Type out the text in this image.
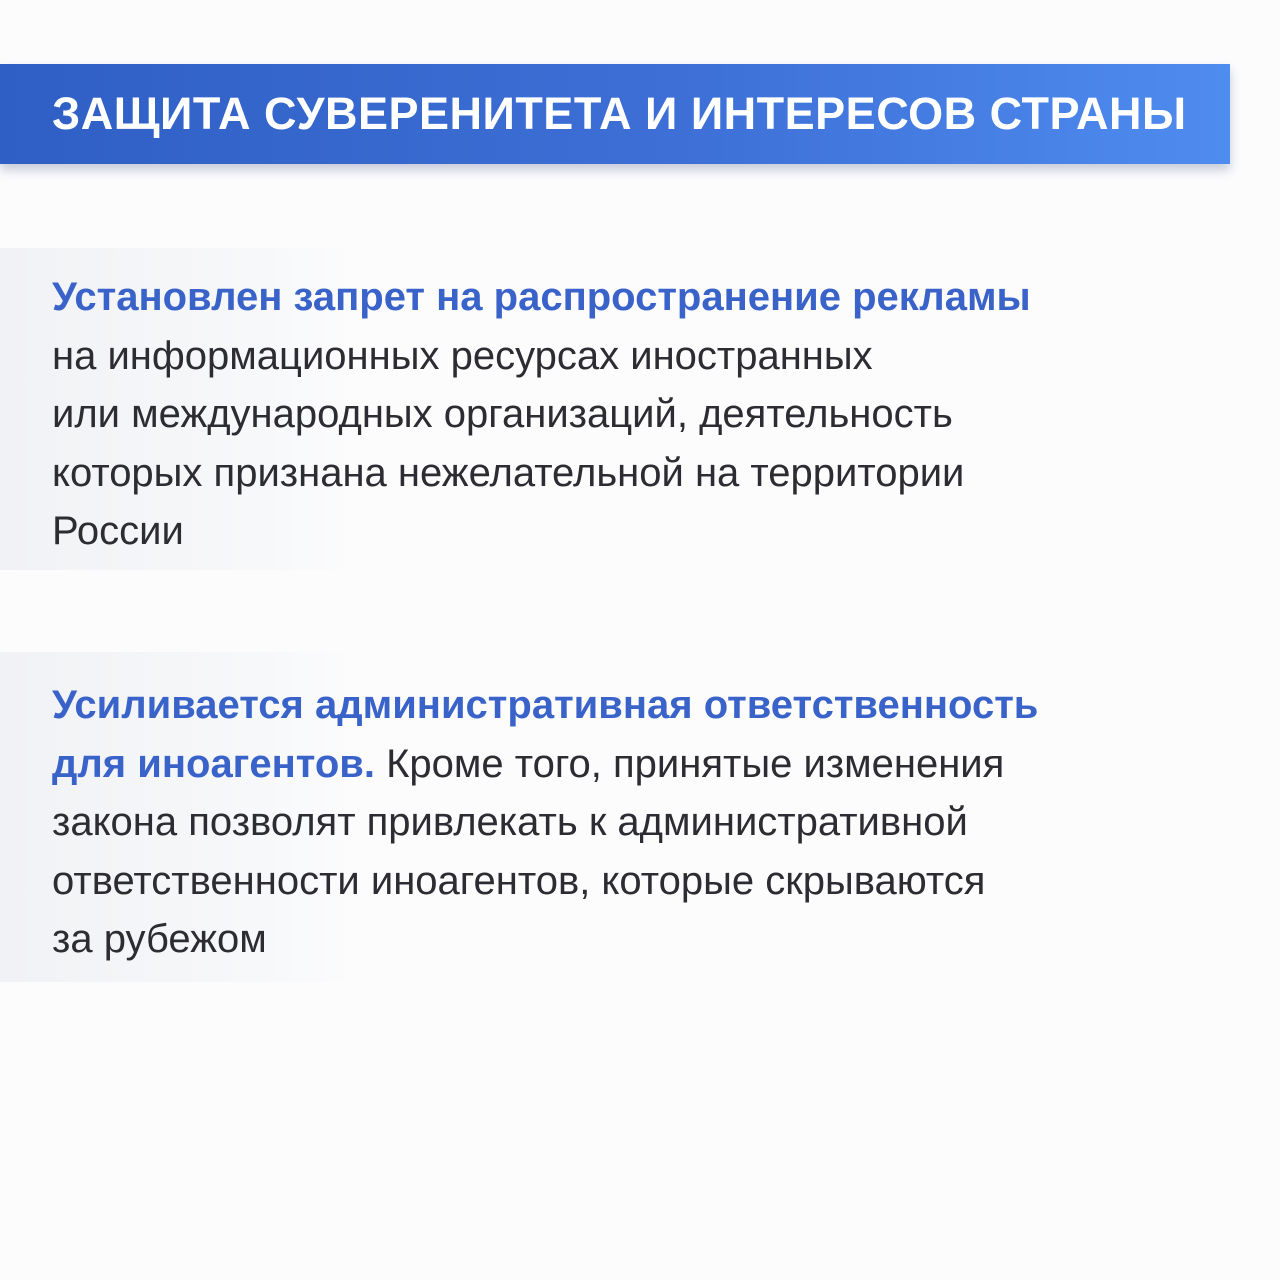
ЗАЩИТА СУВЕРЕНИТЕТА И ИНТЕРЕСОВ СТРАНЫ

Установлен запрет на распространение рекламы
на информационных ресурсах иностранных
или международных организаций, деятельность
которых признана нежелательной на территории
России

Усиливается административная ответственность
для иноагентов. Кроме того, принятые изменения
закона позволят привлекать к административной
ответственности иноагентов, которые скрываются
за рубежом
